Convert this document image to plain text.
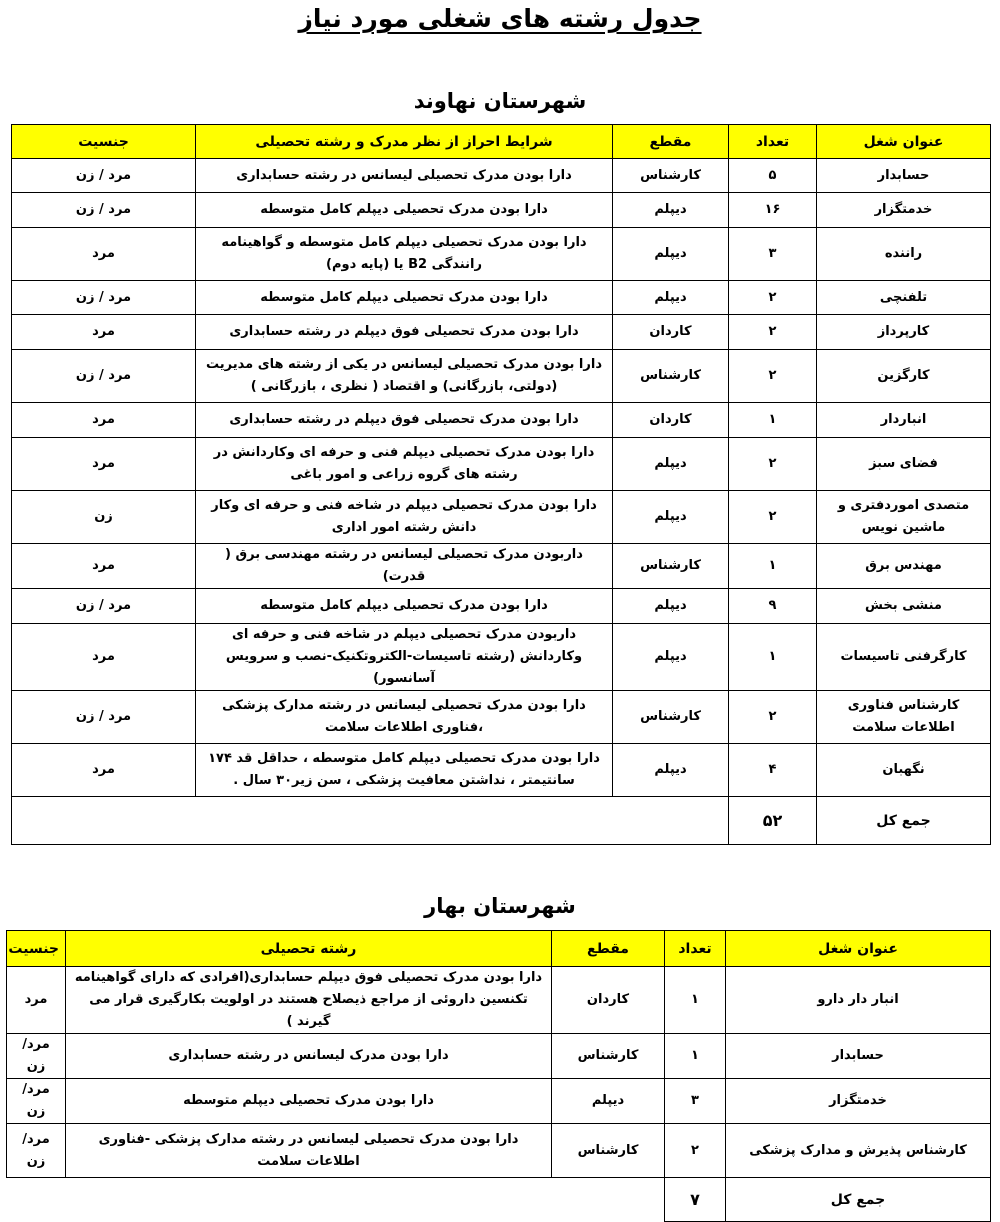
جدول رشته های شغلی مورد نیاز
شهرستان نهاوند
عنوان شغل	تعداد	مقطع	شرایط احراز از نظر مدرک و رشته تحصیلی	جنسیت
حسابدار	۵	کارشناس	دارا بودن مدرک تحصیلی لیسانس در رشته حسابداری	مرد / زن
خدمتگزار	۱۶	دیپلم	دارا بودن مدرک تحصیلی دیپلم کامل متوسطه	مرد / زن
راننده	۳	دیپلم	دارا بودن مدرک تحصیلی دیپلم کامل متوسطه و گواهینامه رانندگی B2 یا (پایه دوم)	مرد
تلفنچی	۲	دیپلم	دارا بودن مدرک تحصیلی دیپلم کامل متوسطه	مرد / زن
کارپرداز	۲	کاردان	دارا بودن مدرک تحصیلی فوق دیپلم در رشته حسابداری	مرد
کارگزین	۲	کارشناس	دارا بودن مدرک تحصیلی لیسانس در یکی از رشته های مدیریت (دولتی، بازرگانی) و اقتصاد ( نظری ، بازرگانی )	مرد / زن
انباردار	۱	کاردان	دارا بودن مدرک تحصیلی فوق دیپلم در رشته حسابداری	مرد
فضای سبز	۲	دیپلم	دارا بودن مدرک تحصیلی دیپلم فنی و حرفه ای وکاردانش در رشته های گروه زراعی و امور باغی	مرد
متصدی اموردفتری و ماشین نویس	۲	دیپلم	دارا بودن مدرک تحصیلی دیپلم در شاخه فنی و حرفه ای وکار دانش رشته امور اداری	زن
مهندس برق	۱	کارشناس	داربودن مدرک تحصیلی لیسانس در رشته مهندسی برق ( قدرت)	مرد
منشی بخش	۹	دیپلم	دارا بودن مدرک تحصیلی دیپلم کامل متوسطه	مرد / زن
کارگرفنی تاسیسات	۱	دیپلم	داربودن مدرک تحصیلی دیپلم در شاخه فنی و حرفه ای وکاردانش (رشته تاسیسات-الکتروتکنیک-نصب و سرویس آسانسور)	مرد
کارشناس فناوری اطلاعات سلامت	۲	کارشناس	دارا بودن مدرک تحصیلی لیسانس در رشته مدارک پزشکی ،فناوری اطلاعات سلامت	مرد / زن
نگهبان	۴	دیپلم	دارا بودن مدرک تحصیلی دیپلم کامل متوسطه ، حداقل قد ۱۷۴ سانتیمتر ، نداشتن معافیت پزشکی ، سن زیر۳۰ سال .	مرد
جمع کل	۵۲			
شهرستان بهار
عنوان شغل	تعداد	مقطع	رشته تحصیلی	جنسیت
انبار دار دارو	۱	کاردان	دارا بودن مدرک تحصیلی فوق دیپلم حسابداری(افرادی که دارای گواهینامه تکنسین داروئی از مراجع ذیصلاح هستند در اولویت بکارگیری قرار می گیرند )	مرد
حسابدار	۱	کارشناس	دارا بودن مدرک لیسانس در رشته حسابداری	مرد/زن
خدمتگزار	۳	دیپلم	دارا بودن مدرک تحصیلی دیپلم متوسطه	مرد/زن
کارشناس پذیرش و مدارک پزشکی	۲	کارشناس	دارا بودن مدرک تحصیلی لیسانس در رشته مدارک پزشکی -فناوری اطلاعات سلامت	مرد/زن
جمع کل	۷			
